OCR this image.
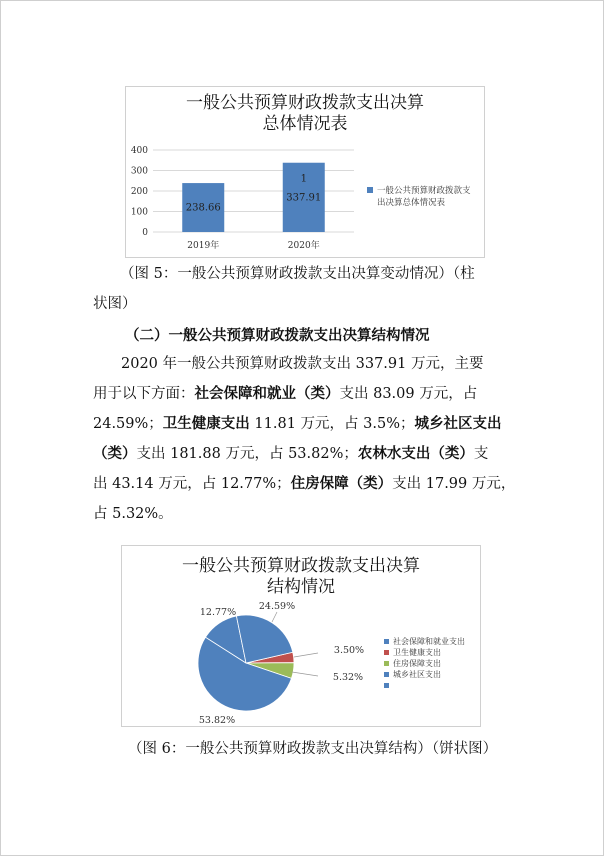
一般公共预算财政拨款支出决算
总体情况表
0
100
200
300
400
238.66
2019年
337.91
2020年
1
一般公共预算财政拨款支
出决算总体情况表
（图 5：一般公共预算财政拨款支出决算变动情况）（柱
状图）
（二）一般公共预算财政拨款支出决算结构情况

2020 年一般公共预算财政拨款支出 337.91 万元，主要

用于以下方面：社会保障和就业（类）支出 83.09 万元，占

24.59%；卫生健康支出 11.81 万元，占 3.5%；城乡社区支出

（类）支出 181.88 万元，占 53.82%；农林水支出（类）支

出 43.14 万元，占 12.77%；住房保障（类）支出 17.99 万元，

占 5.32%。

一般公共预算财政拨款支出决算
结构情况
24.59%
3.50%
5.32%
53.82%
12.77%
社会保障和就业支出
卫生健康支出
住房保障支出
城乡社区支出
（图 6：一般公共预算财政拨款支出决算结构）（饼状图）
